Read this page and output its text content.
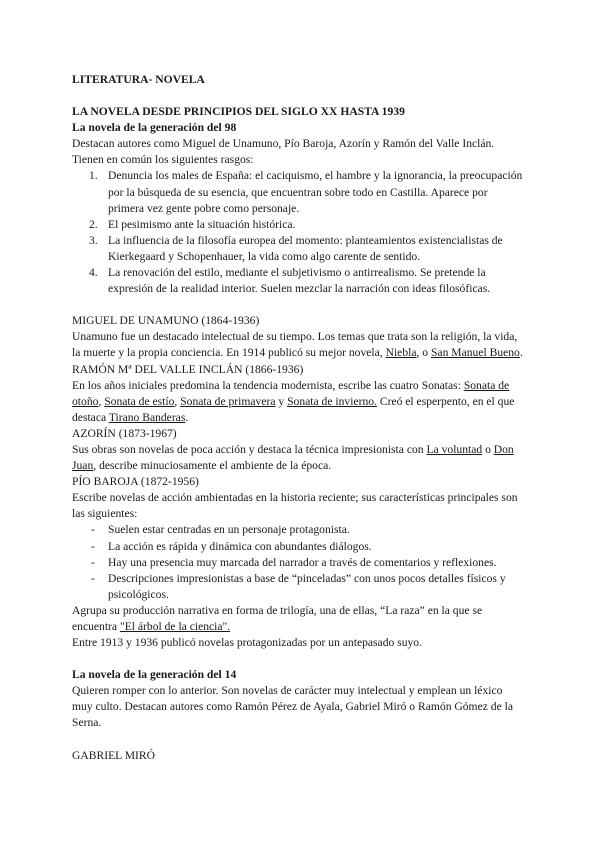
LITERATURA- NOVELA

LA NOVELA DESDE PRINCIPIOS DEL SIGLO XX HASTA 1939

La novela de la generación del 98

Destacan autores como Miguel de Unamuno, Pío Baroja, Azorín y Ramón del Valle Inclán. Tienen en común los siguientes rasgos:

1. Denuncia los males de España: el caciquismo, el hambre y la ignorancia, la preocupación por la búsqueda de su esencia, que encuentran sobre todo en Castilla. Aparece por primera vez gente pobre como personaje.
2. El pesimismo ante la situación histórica.
3. La influencia de la filosofía europea del momento: planteamientos existencialistas de Kierkegaard y Schopenhauer, la vida como algo carente de sentido.
4. La renovación del estilo, mediante el subjetivismo o antirrealismo. Se pretende la expresión de la realidad interior. Suelen mezclar la narración con ideas filosóficas.

MIGUEL DE UNAMUNO (1864-1936)

Unamuno fue un destacado intelectual de su tiempo. Los temas que trata son la religión, la vida, la muerte y la propia conciencia. En 1914 publicó su mejor novela, Niebla, o San Manuel Bueno.

RAMÓN Mª DEL VALLE INCLÁN (1866-1936)

En los años iniciales predomina la tendencia modernista, escribe las cuatro Sonatas: Sonata de otoño, Sonata de estío, Sonata de primavera y Sonata de invierno. Creó el esperpento, en el que destaca Tirano Banderas.

AZORÍN (1873-1967)

Sus obras son novelas de poca acción y destaca la técnica impresionista con La voluntad o Don Juan, describe minuciosamente el ambiente de la época.

PÍO BAROJA (1872-1956)

Escribe novelas de acción ambientadas en la historia reciente; sus características principales son las siguientes:

- Suelen estar centradas en un personaje protagonista.
- La acción es rápida y dinámica con abundantes diálogos.
- Hay una presencia muy marcada del narrador a través de comentarios y reflexiones.
- Descripciones impresionistas a base de “pinceladas” con unos pocos detalles físicos y psicológicos.

Agrupa su producción narrativa en forma de trilogía, una de ellas, “La raza” en la que se encuentra "El árbol de la ciencia".

Entre 1913 y 1936 publicó novelas protagonizadas por un antepasado suyo.

La novela de la generación del 14

Quieren romper con lo anterior. Son novelas de carácter muy intelectual y emplean un léxico muy culto. Destacan autores como Ramón Pérez de Ayala, Gabriel Miró o Ramón Gómez de la Serna.

GABRIEL MIRÓ
